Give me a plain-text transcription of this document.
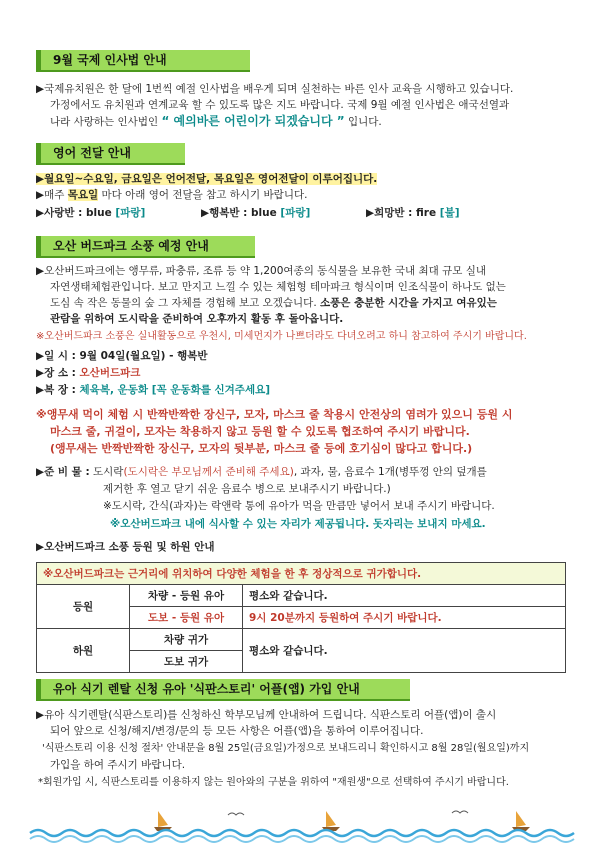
9월 국제 인사법 안내
▶국제유치원은 한 달에 1번씩 예절 인사법을 배우게 되며 실천하는 바른 인사 교육을 시행하고 있습니다.
가정에서도 유치원과 연계교육 할 수 있도록 많은 지도 바랍니다. 국제 9월 예절 인사법은 애국선열과
나라 사랑하는 인사법인 “ 예의바른 어린이가 되겠습니다 ” 입니다.
영어 전달 안내
▶월요일~수요일, 금요일은 언어전달, 목요일은 영어전달이 이루어집니다.
▶매주 목요일 마다 아래 영어 전달을 참고 하시기 바랍니다.
▶사랑반 : blue [파랑]	▶행복반 : blue [파랑]	▶희망반 : fire [불]
오산 버드파크 소풍 예정 안내
▶오산버드파크에는 앵무류, 파충류, 조류 등 약 1,200여종의 동식물을 보유한 국내 최대 규모 실내
자연생태체험관입니다. 보고 만지고 느낄 수 있는 체험형 테마파크 형식이며 인조식물이 하나도 없는
도심 속 작은 동물의 숲 그 자체를 경험해 보고 오겠습니다. 소풍은 충분한 시간을 가지고 여유있는
관람을 위하여 도시락을 준비하여 오후까지 활동 후 돌아옵니다.
※오산버드파크 소풍은 실내활동으로 우천시, 미세먼지가 나쁘더라도 다녀오려고 하니 참고하여 주시기 바랍니다.
▶일 시 : 9월 04일(월요일) - 행복반
▶장 소 : 오산버드파크
▶복 장 : 체육복, 운동화 [꼭 운동화를 신겨주세요]
※앵무새 먹이 체험 시 반짝반짝한 장신구, 모자, 마스크 줄 착용시 안전상의 염려가 있으니 등원 시
마스크 줄, 귀걸이, 모자는 착용하지 않고 등원 할 수 있도록 협조하여 주시기 바랍니다.
(앵무새는 반짝반짝한 장신구, 모자의 뒷부분, 마스크 줄 등에 호기심이 많다고 합니다.)
▶준 비 물 : 도시락(도시락은 부모님께서 준비해 주세요), 과자, 물, 음료수 1개(병뚜껑 안의 덮개를
제거한 후 열고 닫기 쉬운 음료수 병으로 보내주시기 바랍니다.)
※도시락, 간식(과자)는 락앤락 통에 유아가 먹을 만큼만 넣어서 보내 주시기 바랍니다.
※오산버드파크 내에 식사할 수 있는 자리가 제공됩니다. 돗자리는 보내지 마세요.
▶오산버드파크 소풍 등원 및 하원 안내
※오산버드파크는 근거리에 위치하여 다양한 체험을 한 후 정상적으로 귀가합니다.		
등원	차량 - 등원 유아	평소와 같습니다.
	도보 - 등원 유아	9시 20분까지 등원하여 주시기 바랍니다.
하원	차량 귀가	평소와 같습니다.
	도보 귀가	
유아 식기 렌탈 신청 유아 '식판스토리' 어플(앱) 가입 안내
▶유아 식기렌탈(식판스토리)를 신청하신 학부모님께 안내하여 드립니다. 식판스토리 어플(앱)이 출시
되어 앞으로 신청/해지/변경/문의 등 모든 사항은 어플(앱)을 통하여 이루어집니다.
'식판스토리 이용 신청 절차' 안내문을 8월 25일(금요일)가정으로 보내드리니 확인하시고 8월 28일(월요일)까지
가입을 하여 주시기 바랍니다.
*회원가입 시, 식판스토리를 이용하지 않는 원아와의 구분을 위하여 "재원생"으로 선택하여 주시기 바랍니다.
